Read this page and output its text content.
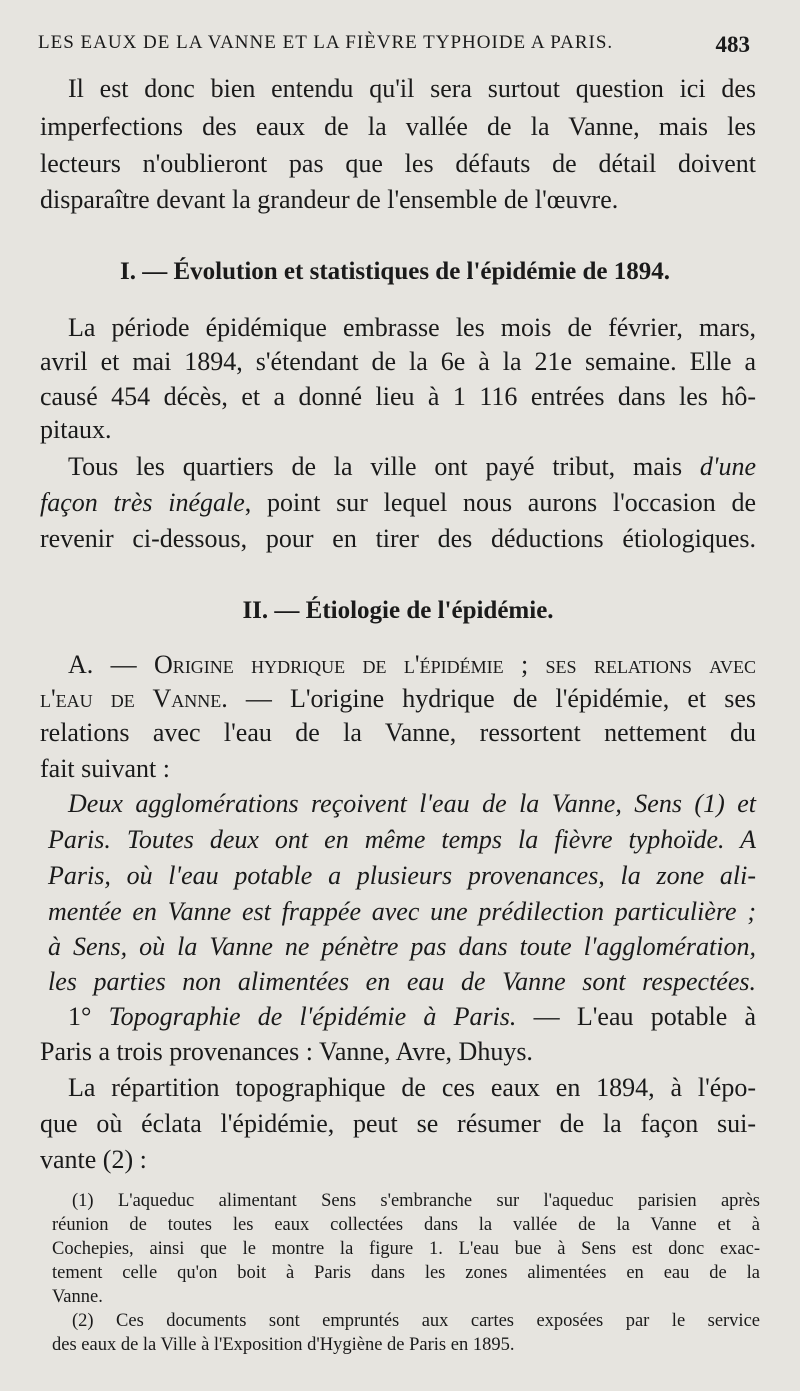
LES EAUX DE LA VANNE ET LA FIÈVRE TYPHOIDE A PARIS.	483
Il est donc bien entendu qu'il sera surtout question ici des
imperfections des eaux de la vallée de la Vanne, mais les
lecteurs n'oublieront pas que les défauts de détail doivent
disparaître devant la grandeur de l'ensemble de l'œuvre.
I. — Évolution et statistiques de l'épidémie de 1894.
La période épidémique embrasse les mois de février, mars,
avril et mai 1894, s'étendant de la 6e à la 21e semaine. Elle a
causé 454 décès, et a donné lieu à 1 116 entrées dans les hô-
pitaux.
Tous les quartiers de la ville ont payé tribut, mais d'une
façon très inégale, point sur lequel nous aurons l'occasion de
revenir ci-dessous, pour en tirer des déductions étiologiques.
II. — Étiologie de l'épidémie.
A. — Origine hydrique de l'épidémie ; ses relations avec
l'eau de Vanne. — L'origine hydrique de l'épidémie, et ses
relations avec l'eau de la Vanne, ressortent nettement du
fait suivant :
Deux agglomérations reçoivent l'eau de la Vanne, Sens (1) et
Paris. Toutes deux ont en même temps la fièvre typhoïde. A
Paris, où l'eau potable a plusieurs provenances, la zone ali-
mentée en Vanne est frappée avec une prédilection particulière ;
à Sens, où la Vanne ne pénètre pas dans toute l'agglomération,
les parties non alimentées en eau de Vanne sont respectées.
1° Topographie de l'épidémie à Paris. — L'eau potable à
Paris a trois provenances : Vanne, Avre, Dhuys.
La répartition topographique de ces eaux en 1894, à l'épo-
que où éclata l'épidémie, peut se résumer de la façon sui-
vante (2) :
(1) L'aqueduc alimentant Sens s'embranche sur l'aqueduc parisien après
réunion de toutes les eaux collectées dans la vallée de la Vanne et à
Cochepies, ainsi que le montre la figure 1. L'eau bue à Sens est donc exac-
tement celle qu'on boit à Paris dans les zones alimentées en eau de la
Vanne.
(2) Ces documents sont empruntés aux cartes exposées par le service
des eaux de la Ville à l'Exposition d'Hygiène de Paris en 1895.
